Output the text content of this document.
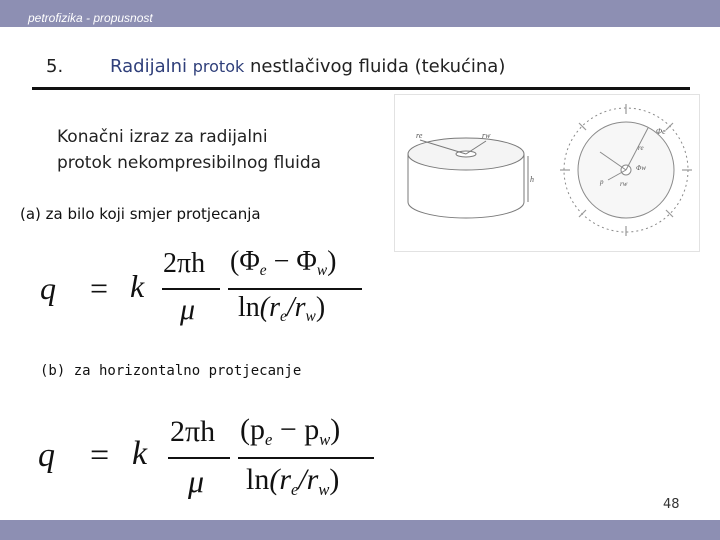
petrofizika - propusnost
5.	Radijalni protok nestlačivog fluida (tekućina)
Konačni izraz za radijalni
protok nekompresibilnog fluida
(a) za bilo koji smjer protjecanja
q = k
2πh
μ
(Φe − Φw)
ln(re/rw)
(b) za horizontalno protjecanje
q = k
2πh
μ
(pe − pw)
ln(re/rw)
re	rw
h
Φe
Φw
re
rw
p
48
